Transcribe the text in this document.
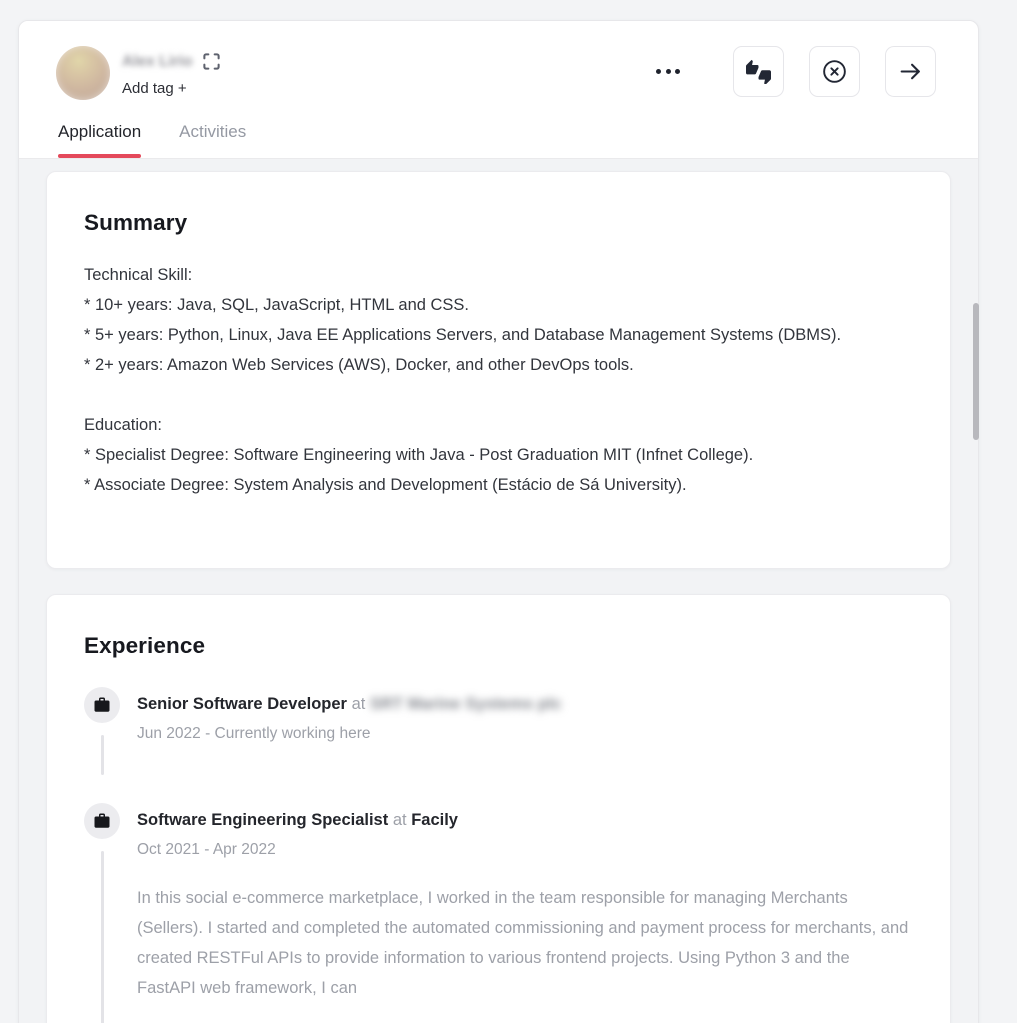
Alex Lirio
Add tag +
Application Activities
Summary
Technical Skill:
* 10+ years: Java, SQL, JavaScript, HTML and CSS.
* 5+ years: Python, Linux, Java EE Applications Servers, and Database Management Systems (DBMS).
* 2+ years: Amazon Web Services (AWS), Docker, and other DevOps tools.
Education:
* Specialist Degree: Software Engineering with Java - Post Graduation MIT (Infnet College).
* Associate Degree: System Analysis and Development (Estácio de Sá University).
Experience
Senior Software Developer at SRT Marine Systems plc
Jun 2022 - Currently working here
Software Engineering Specialist at Facily
Oct 2021 - Apr 2022
In this social e-commerce marketplace, I worked in the team responsible for managing Merchants (Sellers). I started and completed the automated commissioning and payment process for merchants, and created RESTFul APIs to provide information to various frontend projects. Using Python 3 and the FastAPI web framework, I can
